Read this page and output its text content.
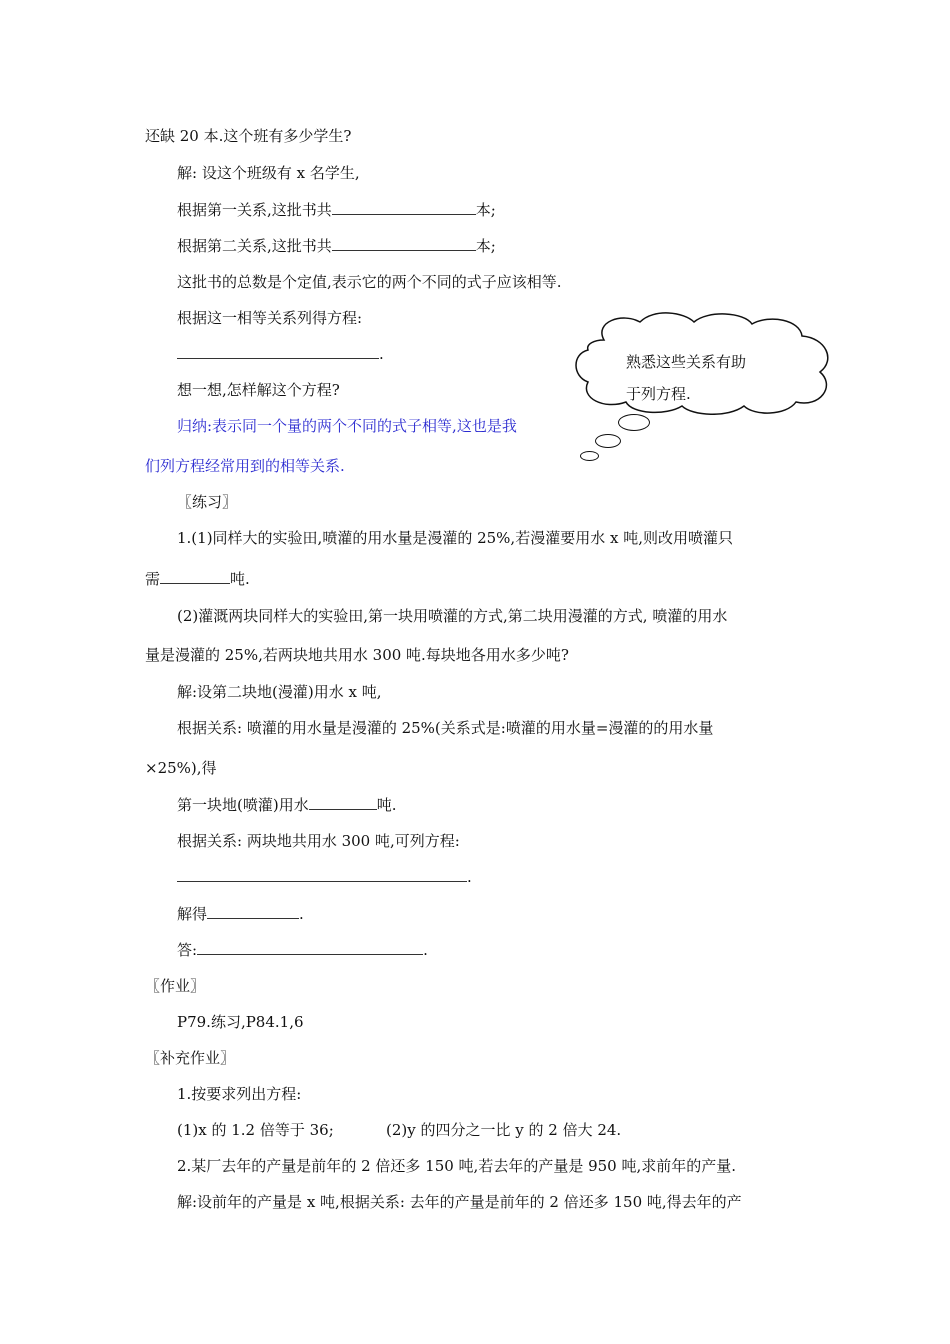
还缺 20 本.这个班有多少学生?
解: 设这个班级有 x 名学生,
根据第一关系,这批书共	本;
根据第二关系,这批书共	本;
这批书的总数是个定值,表示它的两个不同的式子应该相等.
根据这一相等关系列得方程:
.
想一想,怎样解这个方程?
归纳:表示同一个量的两个不同的式子相等,这也是我
们列方程经常用到的相等关系.
〖练习〗
1.(1)同样大的实验田,喷灌的用水量是漫灌的 25%,若漫灌要用水 x 吨,则改用喷灌只
需	吨.
(2)灌溉两块同样大的实验田,第一块用喷灌的方式,第二块用漫灌的方式, 喷灌的用水
量是漫灌的 25%,若两块地共用水 300 吨.每块地各用水多少吨?
解:设第二块地(漫灌)用水 x 吨,
根据关系: 喷灌的用水量是漫灌的 25%(关系式是:喷灌的用水量=漫灌的的用水量
×25%),得
第一块地(喷灌)用水	吨.
根据关系: 两块地共用水 300 吨,可列方程:
.
解得	.
答:	.
〖作业〗
P79.练习,P84.1,6
〖补充作业〗
1.按要求列出方程:
(1)x 的 1.2 倍等于 36;	(2)y 的四分之一比 y 的 2 倍大 24.
2.某厂去年的产量是前年的 2 倍还多 150 吨,若去年的产量是 950 吨,求前年的产量.
解:设前年的产量是 x 吨,根据关系: 去年的产量是前年的 2 倍还多 150 吨,得去年的产
熟悉这些关系有助
于列方程.
